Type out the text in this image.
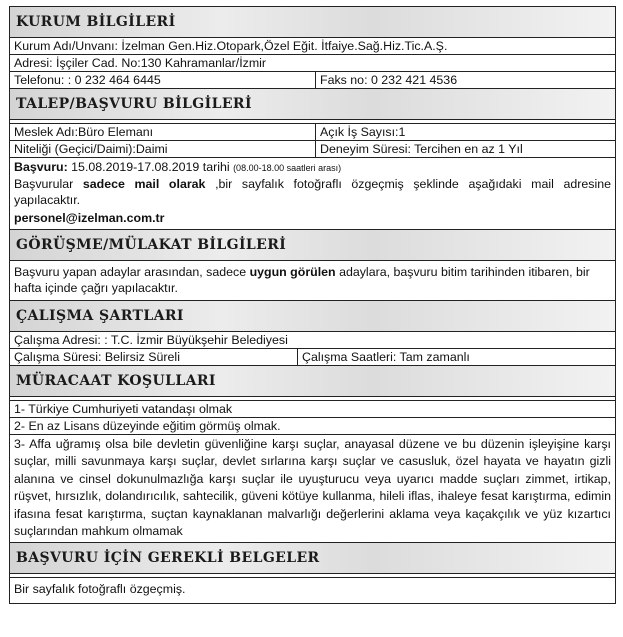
KURUM BİLGİLERİ
Kurum Adı/Unvanı: İzelman Gen.Hiz.Otopark,Özel Eğit. İtfaiye.Sağ.Hiz.Tic.A.Ş.
Adresi: İşçiler Cad. No:130 Kahramanlar/İzmir
Telefonu: : 0 232 464 6445	Faks no: 0 232 421 4536
TALEP/BAŞVURU BİLGİLERİ
Meslek Adı:Büro Elemanı	Açık İş Sayısı:1
Niteliği (Geçici/Daimi):Daimi	Deneyim Süresi: Tercihen en az 1 Yıl
Başvuru: 15.08.2019-17.08.2019 tarihi (08.00-18.00 saatleri arası)
Başvurular sadece mail olarak ,bir sayfalık fotoğraflı özgeçmiş şeklinde aşağıdaki mail adresine yapılacaktır.
personel@izelman.com.tr
GÖRÜŞME/MÜLAKAT BİLGİLERİ
Başvuru yapan adaylar arasından, sadece uygun görülen adaylara, başvuru bitim tarihinden itibaren, bir hafta içinde çağrı yapılacaktır.
ÇALIŞMA ŞARTLARI
Çalışma Adresi: : T.C. İzmir Büyükşehir Belediyesi
Çalışma Süresi: Belirsiz Süreli	Çalışma Saatleri: Tam zamanlı
MÜRACAAT KOŞULLARI
1- Türkiye Cumhuriyeti vatandaşı olmak
2- En az Lisans düzeyinde eğitim görmüş olmak.
3- Affa uğramış olsa bile devletin güvenliğine karşı suçlar, anayasal düzene ve bu düzenin işleyişine karşı suçlar, milli savunmaya karşı suçlar, devlet sırlarına karşı suçlar ve casusluk, özel hayata ve hayatın gizli alanına ve cinsel dokunulmazlığa karşı suçlar ile uyuşturucu veya uyarıcı madde suçları zimmet, irtikap, rüşvet, hırsızlık, dolandırıcılık, sahtecilik, güveni kötüye kullanma, hileli iflas, ihaleye fesat karıştırma, edimin ifasına fesat karıştırma, suçtan kaynaklanan malvarlığı değerlerini aklama veya kaçakçılık ve yüz kızartıcı suçlarından mahkum olmamak
BAŞVURU İÇİN GEREKLİ BELGELER
Bir sayfalık fotoğraflı özgeçmiş.
